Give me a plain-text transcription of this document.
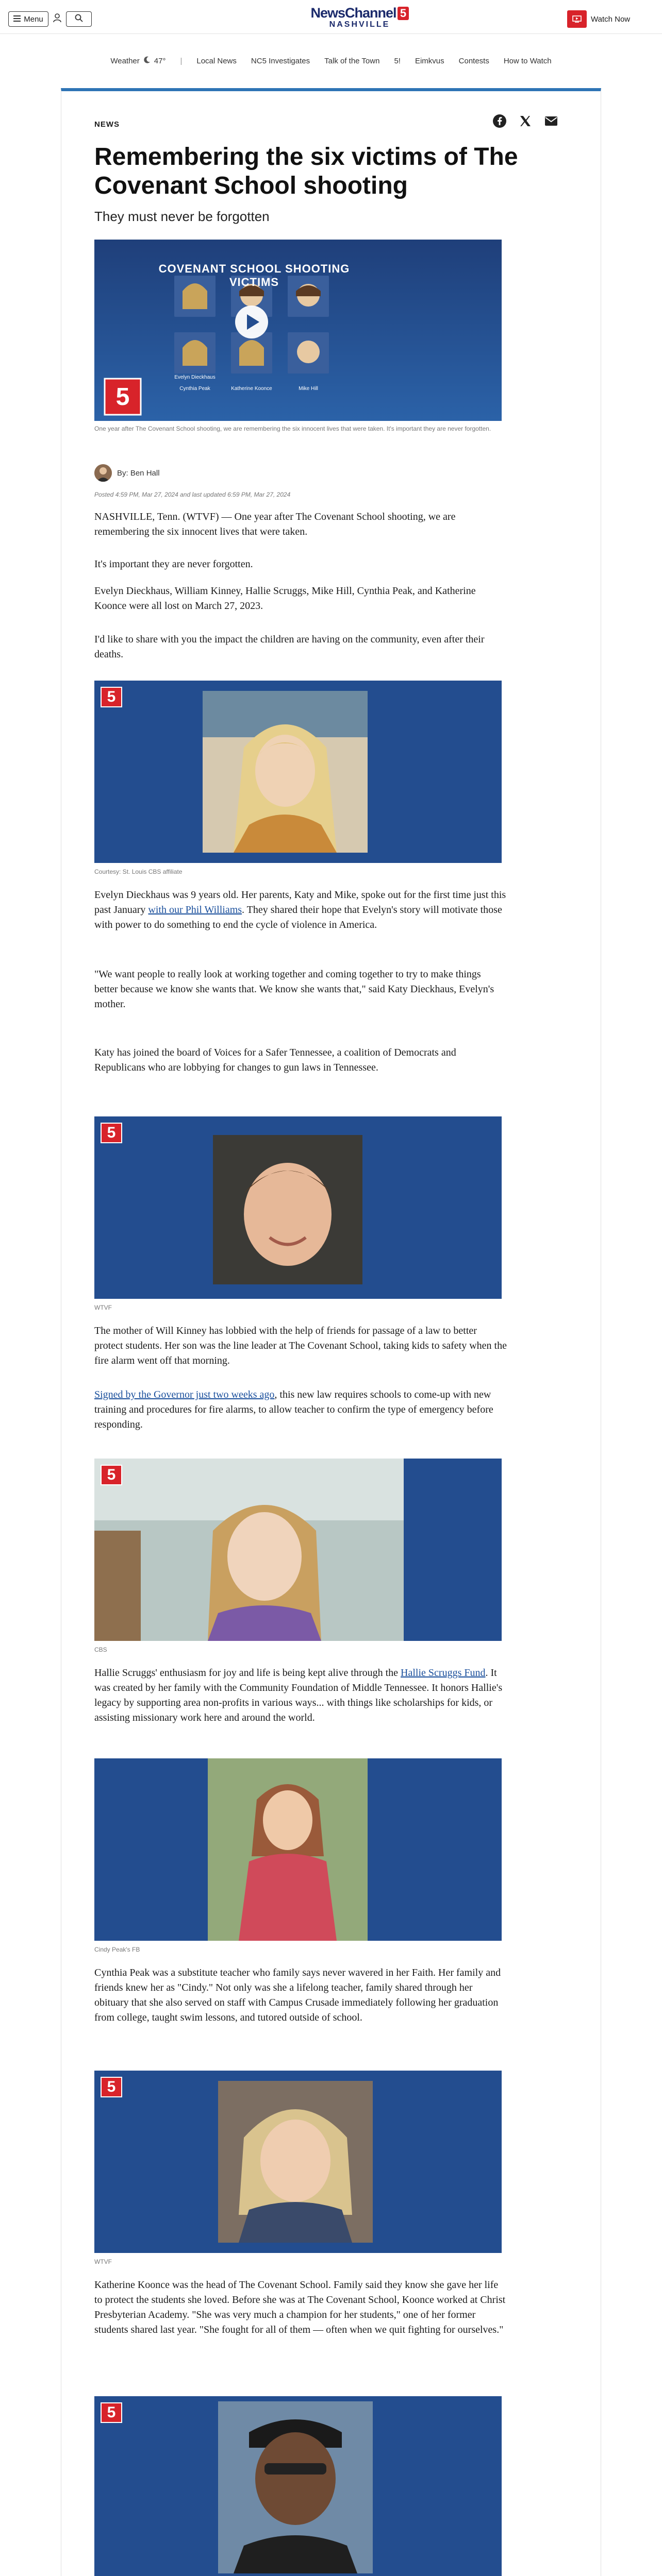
Menu	NewsChannel 5
NASHVILLE
Watch Now
Weather 47° | Local News NC5 Investigates Talk of the Town 5! Eimkvus Contests How to Watch
NEWS
Remembering the six victims of The Covenant School shooting
They must never be forgotten
COVENANT SCHOOL SHOOTING VICTIMS
Evelyn Dieckhaus
Cynthia Peak	Katherine Koonce	Mike Hill
5
One year after The Covenant School shooting, we are remembering the six innocent lives that were taken. It's important they are never forgotten.
By: Ben Hall
Posted 4:59 PM, Mar 27, 2024 and last updated 6:59 PM, Mar 27, 2024

NASHVILLE, Tenn. (WTVF) — One year after The Covenant School shooting, we are remembering the six innocent lives that were taken.

It's important they are never forgotten.

Evelyn Dieckhaus, William Kinney, Hallie Scruggs, Mike Hill, Cynthia Peak, and Katherine Koonce were all lost on March 27, 2023.

I'd like to share with you the impact the children are having on the community, even after their deaths.

5
Courtesy: St. Louis CBS affiliate

Evelyn Dieckhaus was 9 years old. Her parents, Katy and Mike, spoke out for the first time just this past January with our Phil Williams. They shared their hope that Evelyn's story will motivate those with power to do something to end the cycle of violence in America.

"We want people to really look at working together and coming together to try to make things better because we know she wants that. We know she wants that," said Katy Dieckhaus, Evelyn's mother.

Katy has joined the board of Voices for a Safer Tennessee, a coalition of Democrats and Republicans who are lobbying for changes to gun laws in Tennessee.

5
WTVF

The mother of Will Kinney has lobbied with the help of friends for passage of a law to better protect students. Her son was the line leader at The Covenant School, taking kids to safety when the fire alarm went off that morning.

Signed by the Governor just two weeks ago, this new law requires schools to come-up with new training and procedures for fire alarms, to allow teacher to confirm the type of emergency before responding.

5
CBS

Hallie Scruggs' enthusiasm for joy and life is being kept alive through the Hallie Scruggs Fund. It was created by her family with the Community Foundation of Middle Tennessee. It honors Hallie's legacy by supporting area non-profits in various ways... with things like scholarships for kids, or assisting missionary work here and around the world.

Cindy Peak's FB

Cynthia Peak was a substitute teacher who family says never wavered in her Faith. Her family and friends knew her as "Cindy." Not only was she a lifelong teacher, family shared through her obituary that she also served on staff with Campus Crusade immediately following her graduation from college, taught swim lessons, and tutored outside of school.

5
WTVF

Katherine Koonce was the head of The Covenant School. Family said they know she gave her life to protect the students she loved. Before she was at The Covenant School, Koonce worked at Christ Presbyterian Academy. "She was very much a champion for her students," one of her former students shared last year. "She fought for all of them — often when we quit fighting for ourselves."

5
